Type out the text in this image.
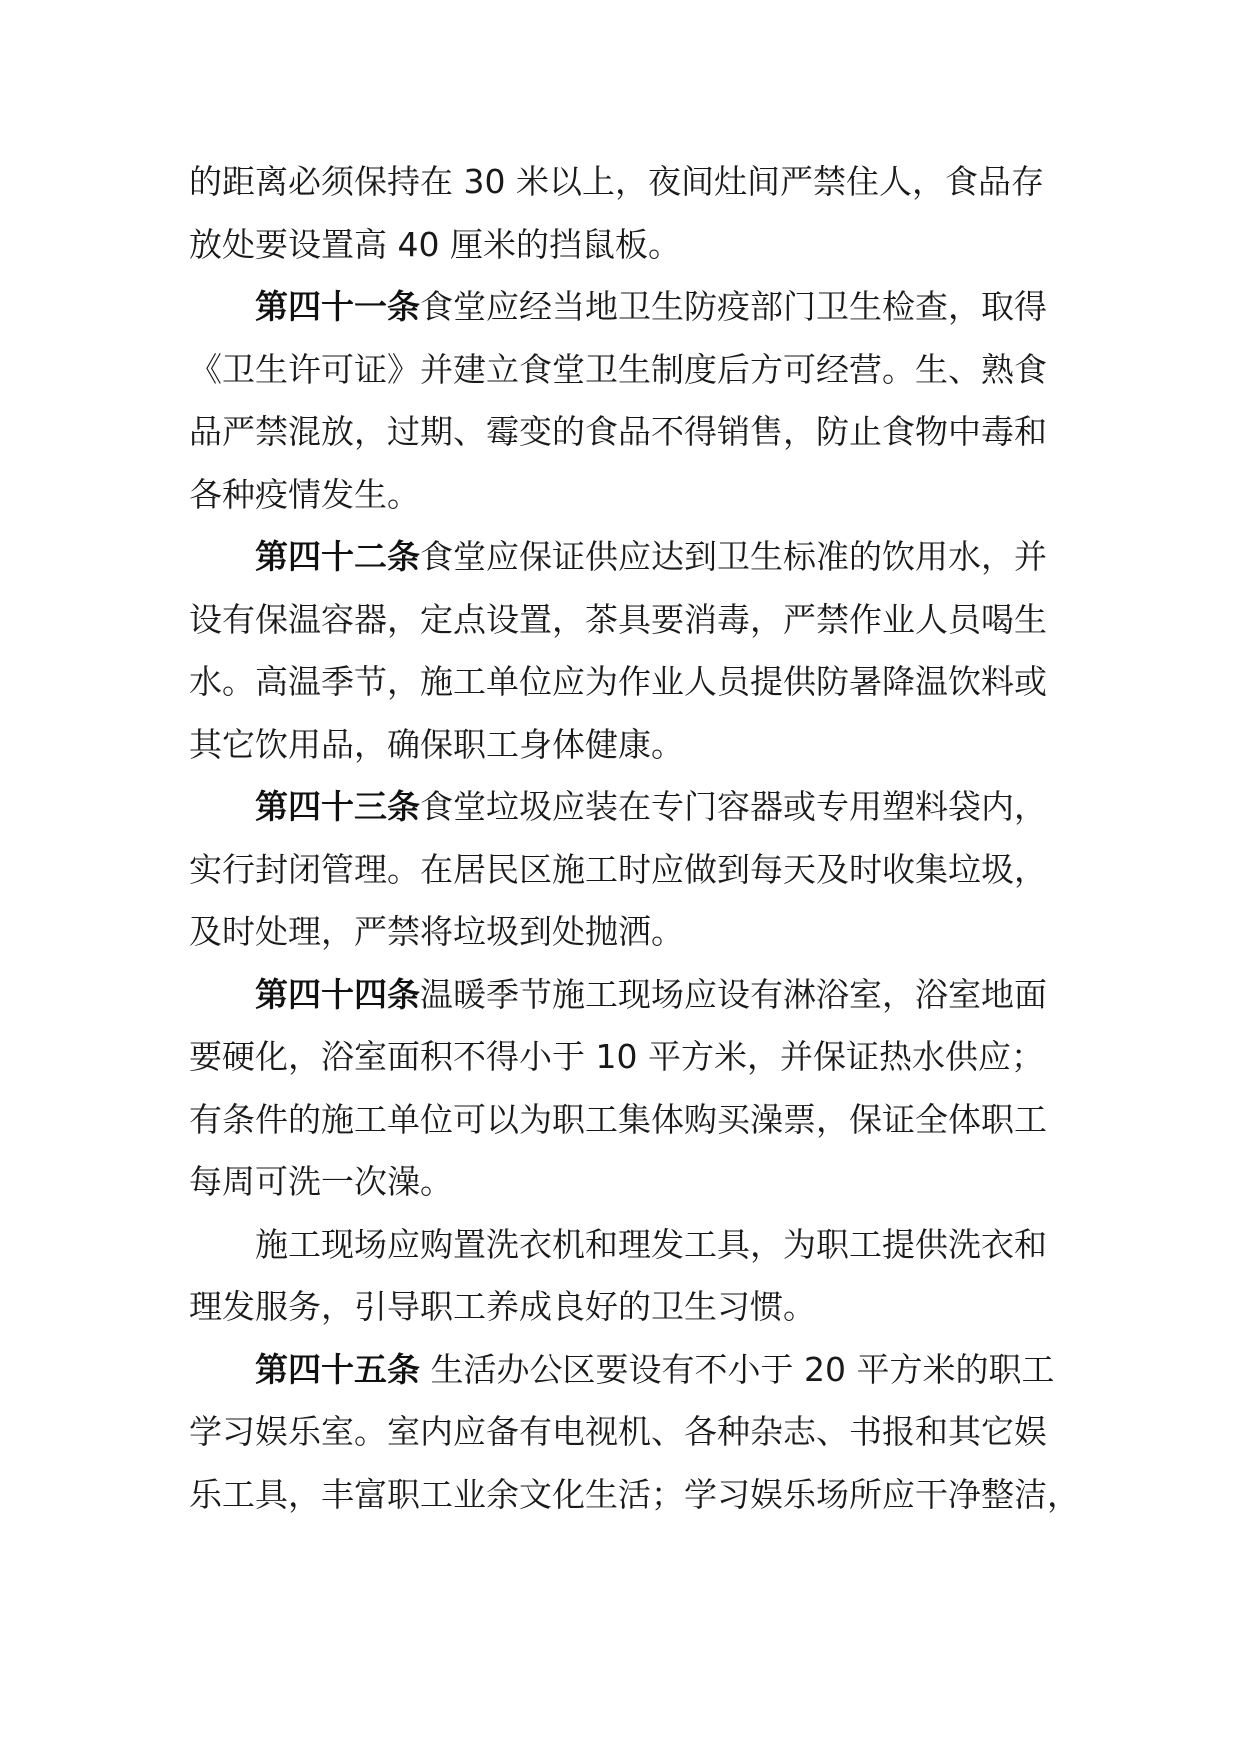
的距离必须保持在 30 米以上，夜间灶间严禁住人，食品存
放处要设置高 40 厘米的挡鼠板。
第四十一条食堂应经当地卫生防疫部门卫生检查，取得
《卫生许可证》并建立食堂卫生制度后方可经营。生、熟食
品严禁混放，过期、霉变的食品不得销售，防止食物中毒和
各种疫情发生。
第四十二条食堂应保证供应达到卫生标准的饮用水，并
设有保温容器，定点设置，茶具要消毒，严禁作业人员喝生
水。高温季节，施工单位应为作业人员提供防暑降温饮料或
其它饮用品，确保职工身体健康。
第四十三条食堂垃圾应装在专门容器或专用塑料袋内，
实行封闭管理。在居民区施工时应做到每天及时收集垃圾，
及时处理，严禁将垃圾到处抛洒。
第四十四条温暖季节施工现场应设有淋浴室，浴室地面
要硬化，浴室面积不得小于 10 平方米，并保证热水供应；
有条件的施工单位可以为职工集体购买澡票，保证全体职工
每周可洗一次澡。
施工现场应购置洗衣机和理发工具，为职工提供洗衣和
理发服务，引导职工养成良好的卫生习惯。
第四十五条 生活办公区要设有不小于 20 平方米的职工
学习娱乐室。室内应备有电视机、各种杂志、书报和其它娱
乐工具，丰富职工业余文化生活；学习娱乐场所应干净整洁，
